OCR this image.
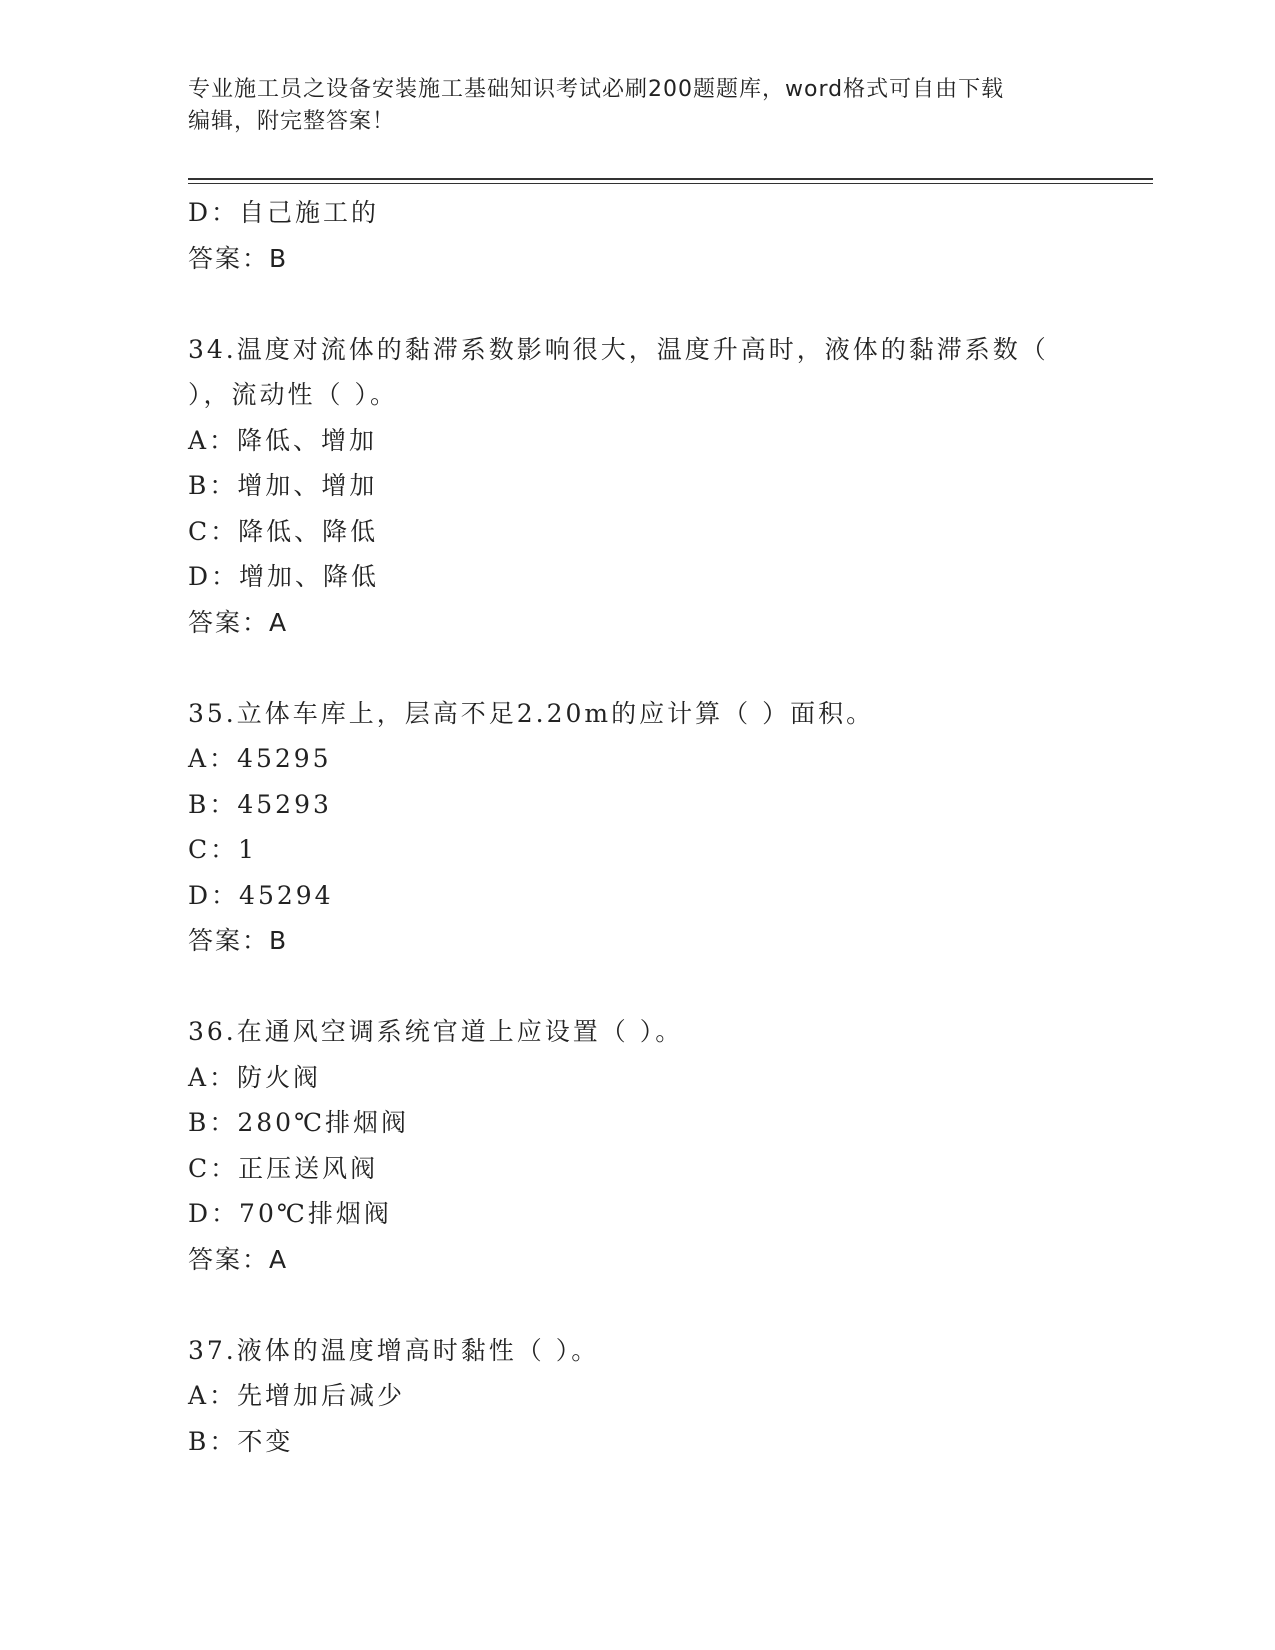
专业施工员之设备安装施工基础知识考试必刷200题题库，word格式可自由下载
编辑，附完整答案！
D：自己施工的
答案：B
34.温度对流体的黏滞系数影响很大，温度升高时，液体的黏滞系数（
），流动性（ ）。
A：降低、增加
B：增加、增加
C：降低、降低
D：增加、降低
答案：A
35.立体车库上，层高不足2.20m的应计算（ ）面积。
A：45295
B：45293
C：1
D：45294
答案：B
36.在通风空调系统官道上应设置（ ）。
A：防火阀
B：280℃排烟阀
C：正压送风阀
D：70℃排烟阀
答案：A
37.液体的温度增高时黏性（ ）。
A：先增加后减少
B：不变
